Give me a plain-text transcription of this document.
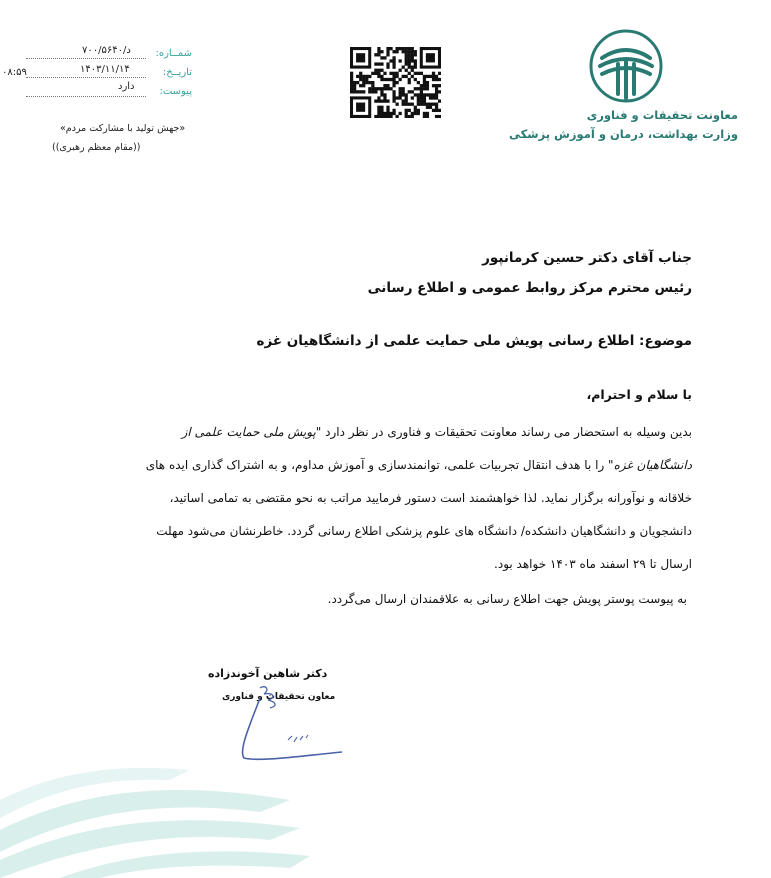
معاونت تحقیقات و فناوری
وزارت بهداشت، درمان و آموزش پزشکی
شمــاره:
د/۷۰۰/۵۶۴۰
تاریــخ:
۱۴۰۳/۱۱/۱۴
۰۸:۵۹
پیوست:
دارد
«جهش تولید با مشارکت مردم»
((مقام معظم رهبری))
جناب آقای دکتر حسین کرمانپور
رئیس محترم مرکز روابط عمومی و اطلاع رسانی
موضوع: اطلاع رسانی پویش ملی حمایت علمی از دانشگاهیان غزه
با سلام و احترام،
بدین وسیله به استحضار می رساند معاونت تحقیقات و فناوری در نظر دارد "پویش ملی حمایت علمی از
دانشگاهیان غزه" را با هدف انتقال تجربیات علمی، توانمندسازی و آموزش مداوم، و به اشتراک گذاری ایده های
خلاقانه و نوآورانه برگزار نماید. لذا خواهشمند است دستور فرمایید مراتب به نحو مقتضی به تمامی اساتید،
دانشجویان و دانشگاهیان دانشکده/ دانشگاه های علوم پزشکی اطلاع رسانی گردد. خاطرنشان می‌شود مهلت
ارسال تا ۲۹ اسفند ماه ۱۴۰۳ خواهد بود.
به پیوست پوستر پویش جهت اطلاع رسانی به علاقمندان ارسال می‌گردد.
دکتر شاهین آخوندزاده
معاون تحقیقات و فناوری
